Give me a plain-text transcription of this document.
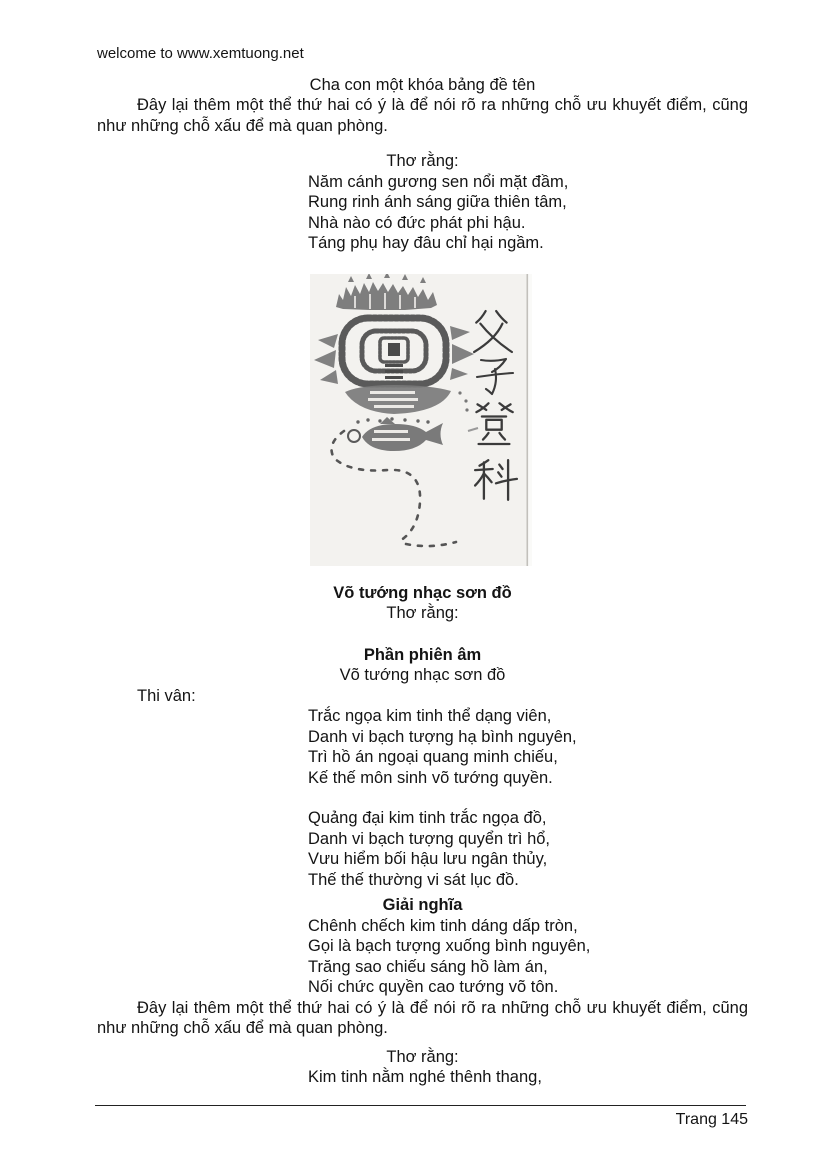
welcome to www.xemtuong.net
Cha con một khóa bảng đề tên
Đây lại thêm một thể thứ hai có ý là để nói rõ ra những chỗ ưu khuyết điểm, cũng như những chỗ xấu để mà quan phòng.
Thơ rằng:
Năm cánh gương sen nổi mặt đầm,
Rung rinh ánh sáng giữa thiên tâm,
Nhà nào có đức phát phi hậu.
Táng phụ hay đâu chỉ hại ngầm.
Võ tướng nhạc sơn đồ
Thơ rằng:
Phần phiên âm
Võ tướng nhạc sơn đồ
Thi vân:
Trắc ngọa kim tinh thể dạng viên,
Danh vi bạch tượng hạ bình nguyên,
Trì hồ án ngoại quang minh chiếu,
Kế thế môn sinh võ tướng quyền.
Quảng đại kim tinh trắc ngọa đồ,
Danh vi bạch tượng quyển trì hổ,
Vưu hiểm bối hậu lưu ngân thủy,
Thế thế thường vi sát lục đồ.
Giải nghĩa
Chênh chếch kim tinh dáng dấp tròn,
Gọi là bạch tượng xuống bình nguyên,
Trăng sao chiếu sáng hồ làm án,
Nối chức quyền cao tướng võ tôn.
Đây lại thêm một thể thứ hai có ý là để nói rõ ra những chỗ ưu khuyết điểm, cũng như những chỗ xấu để mà quan phòng.
Thơ rằng:
Kim tinh nằm nghé thênh thang,
Trang 145
